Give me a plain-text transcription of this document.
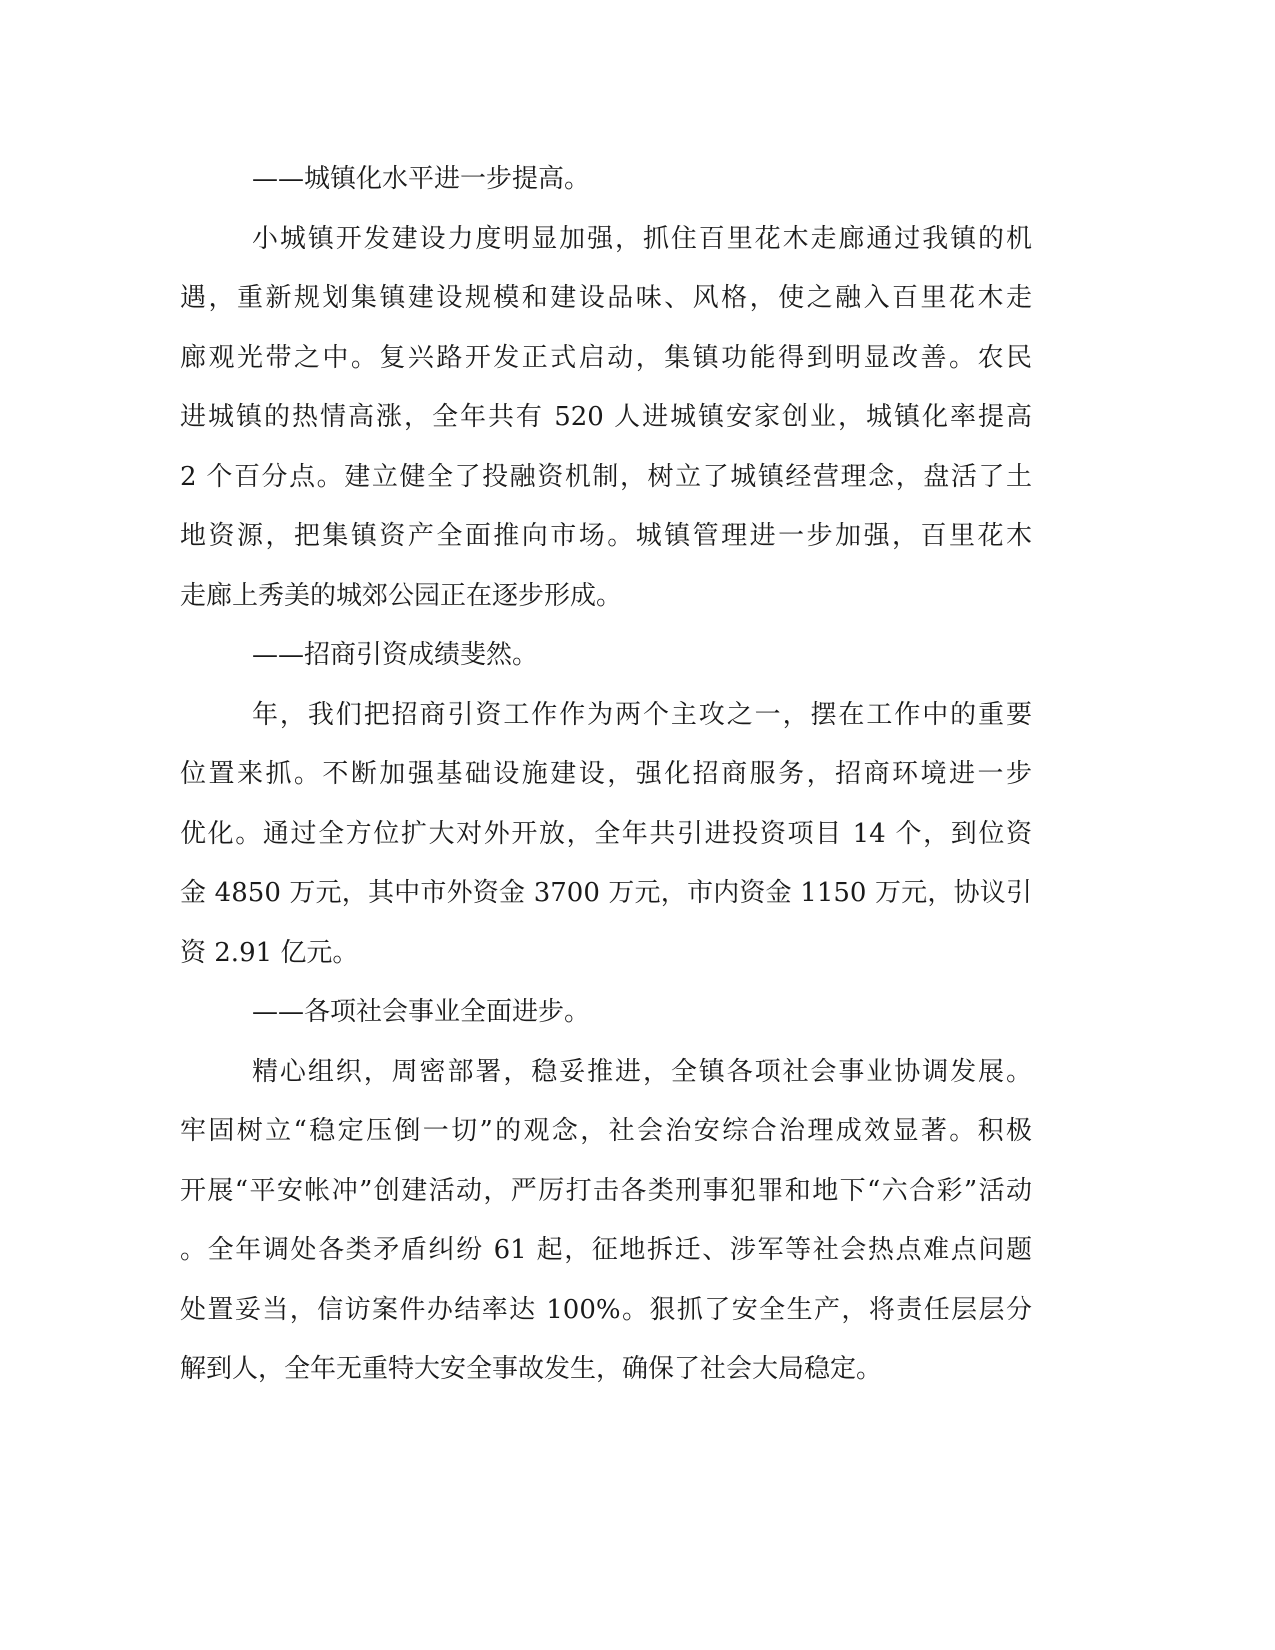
——城镇化水平进一步提高。
小城镇开发建设力度明显加强，抓住百里花木走廊通过我镇的机
遇，重新规划集镇建设规模和建设品味、风格，使之融入百里花木走
廊观光带之中。复兴路开发正式启动，集镇功能得到明显改善。农民
进城镇的热情高涨，全年共有 520 人进城镇安家创业，城镇化率提高
2 个百分点。建立健全了投融资机制，树立了城镇经营理念，盘活了土
地资源，把集镇资产全面推向市场。城镇管理进一步加强，百里花木
走廊上秀美的城郊公园正在逐步形成。
——招商引资成绩斐然。
年，我们把招商引资工作作为两个主攻之一，摆在工作中的重要
位置来抓。不断加强基础设施建设，强化招商服务，招商环境进一步
优化。通过全方位扩大对外开放，全年共引进投资项目 14 个，到位资
金 4850 万元，其中市外资金 3700 万元，市内资金 1150 万元，协议引
资 2.91 亿元。
——各项社会事业全面进步。
精心组织，周密部署，稳妥推进，全镇各项社会事业协调发展。
牢固树立“稳定压倒一切”的观念，社会治安综合治理成效显著。积极
开展“平安帐冲”创建活动，严厉打击各类刑事犯罪和地下“六合彩”活动
。全年调处各类矛盾纠纷 61 起，征地拆迁、涉军等社会热点难点问题
处置妥当，信访案件办结率达 100%。狠抓了安全生产，将责任层层分
解到人，全年无重特大安全事故发生，确保了社会大局稳定。
